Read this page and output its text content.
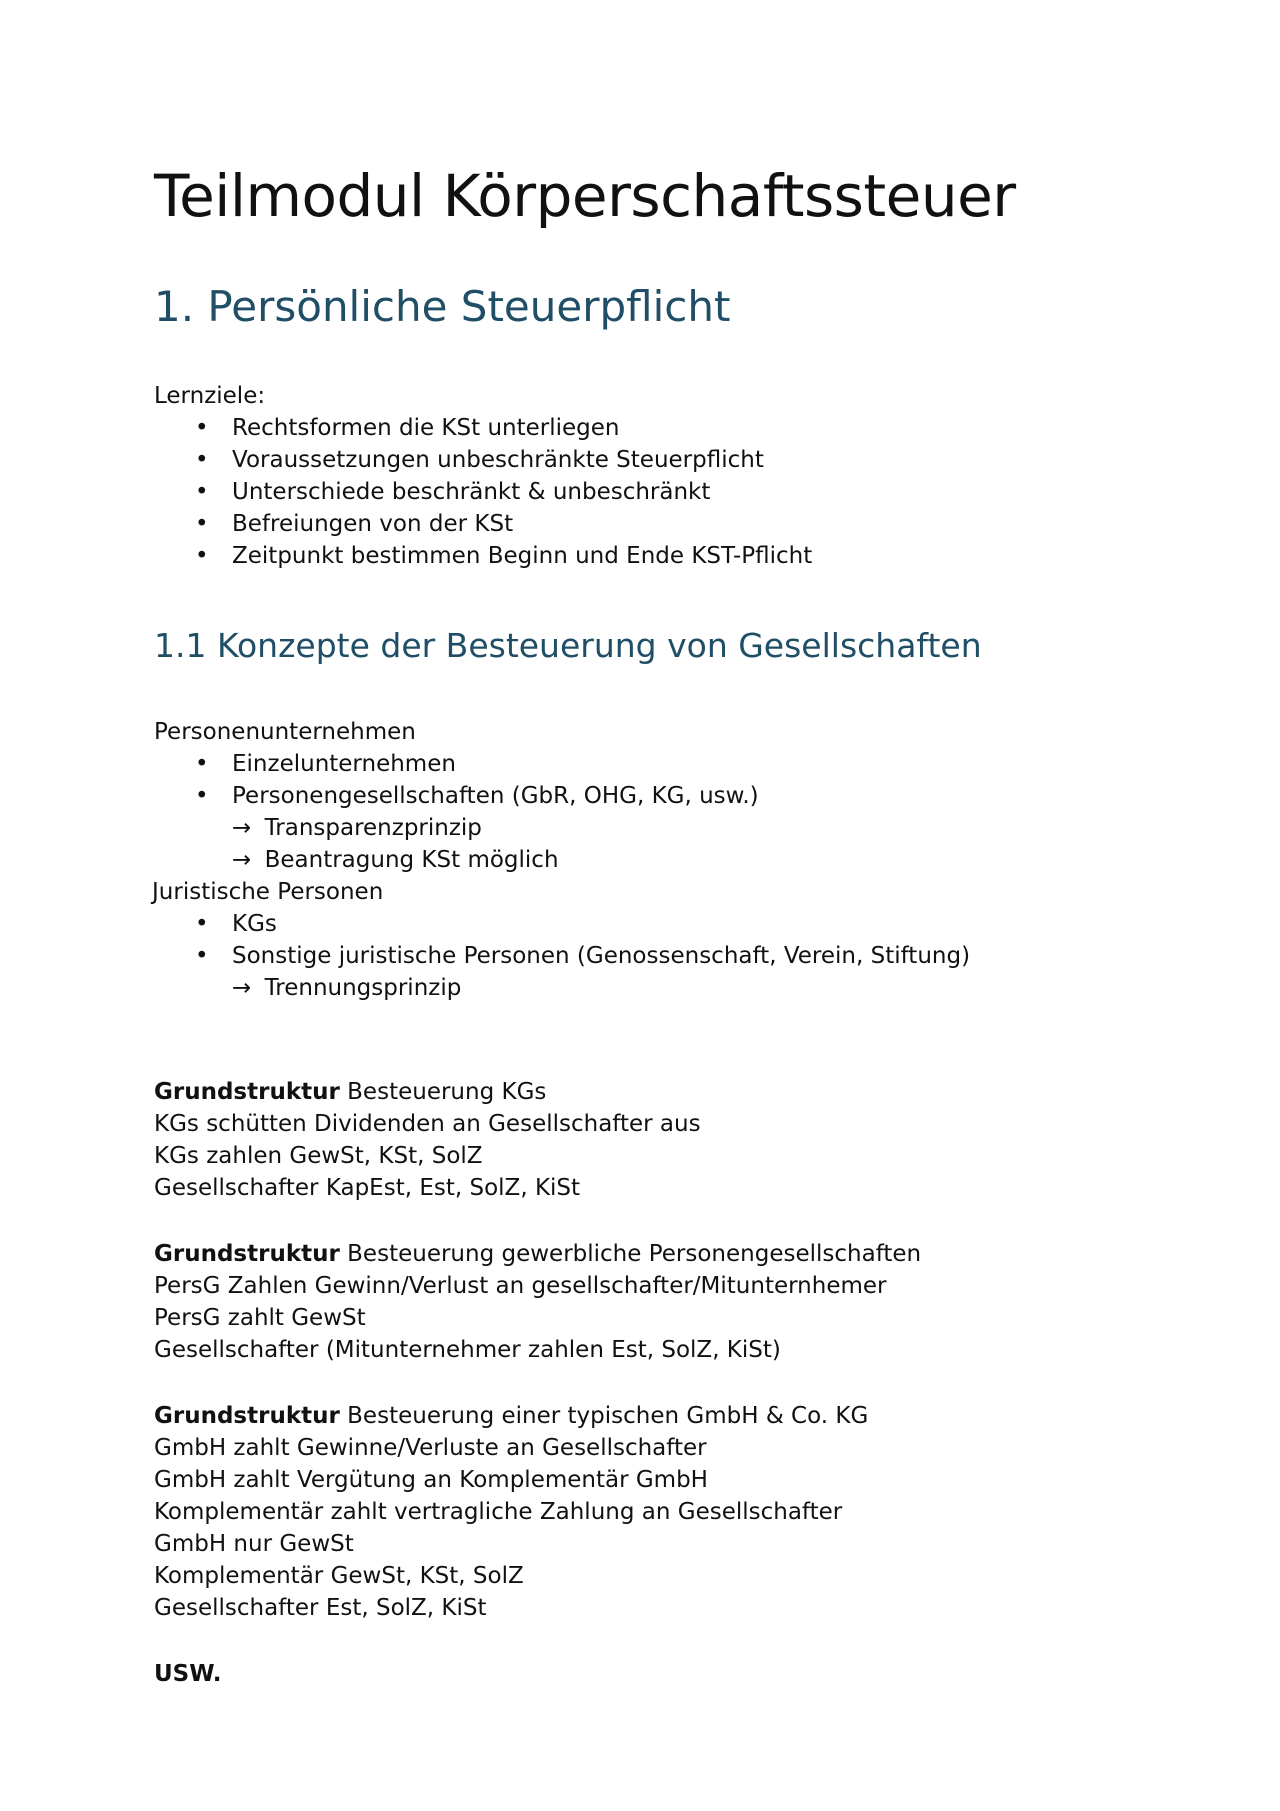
Teilmodul Körperschaftssteuer
1. Persönliche Steuerpflicht
Lernziele:
•	Rechtsformen die KSt unterliegen
•	Voraussetzungen unbeschränkte Steuerpflicht
•	Unterschiede beschränkt & unbeschränkt
•	Befreiungen von der KSt
•	Zeitpunkt bestimmen Beginn und Ende KST-Pflicht
1.1 Konzepte der Besteuerung von Gesellschaften
Personenunternehmen
•	Einzelunternehmen
•	Personengesellschaften (GbR, OHG, KG, usw.)
→ Transparenzprinzip
→ Beantragung KSt möglich
Juristische Personen
•	KGs
•	Sonstige juristische Personen (Genossenschaft, Verein, Stiftung)
→ Trennungsprinzip
Grundstruktur Besteuerung KGs
KGs schütten Dividenden an Gesellschafter aus
KGs zahlen GewSt, KSt, SolZ
Gesellschafter KapEst, Est, SolZ, KiSt
Grundstruktur Besteuerung gewerbliche Personengesellschaften
PersG Zahlen Gewinn/Verlust an gesellschafter/Mitunternhemer
PersG zahlt GewSt
Gesellschafter (Mitunternehmer zahlen Est, SolZ, KiSt)
Grundstruktur Besteuerung einer typischen GmbH & Co. KG
GmbH zahlt Gewinne/Verluste an Gesellschafter
GmbH zahlt Vergütung an Komplementär GmbH
Komplementär zahlt vertragliche Zahlung an Gesellschafter
GmbH nur GewSt
Komplementär GewSt, KSt, SolZ
Gesellschafter Est, SolZ, KiSt
USW.
